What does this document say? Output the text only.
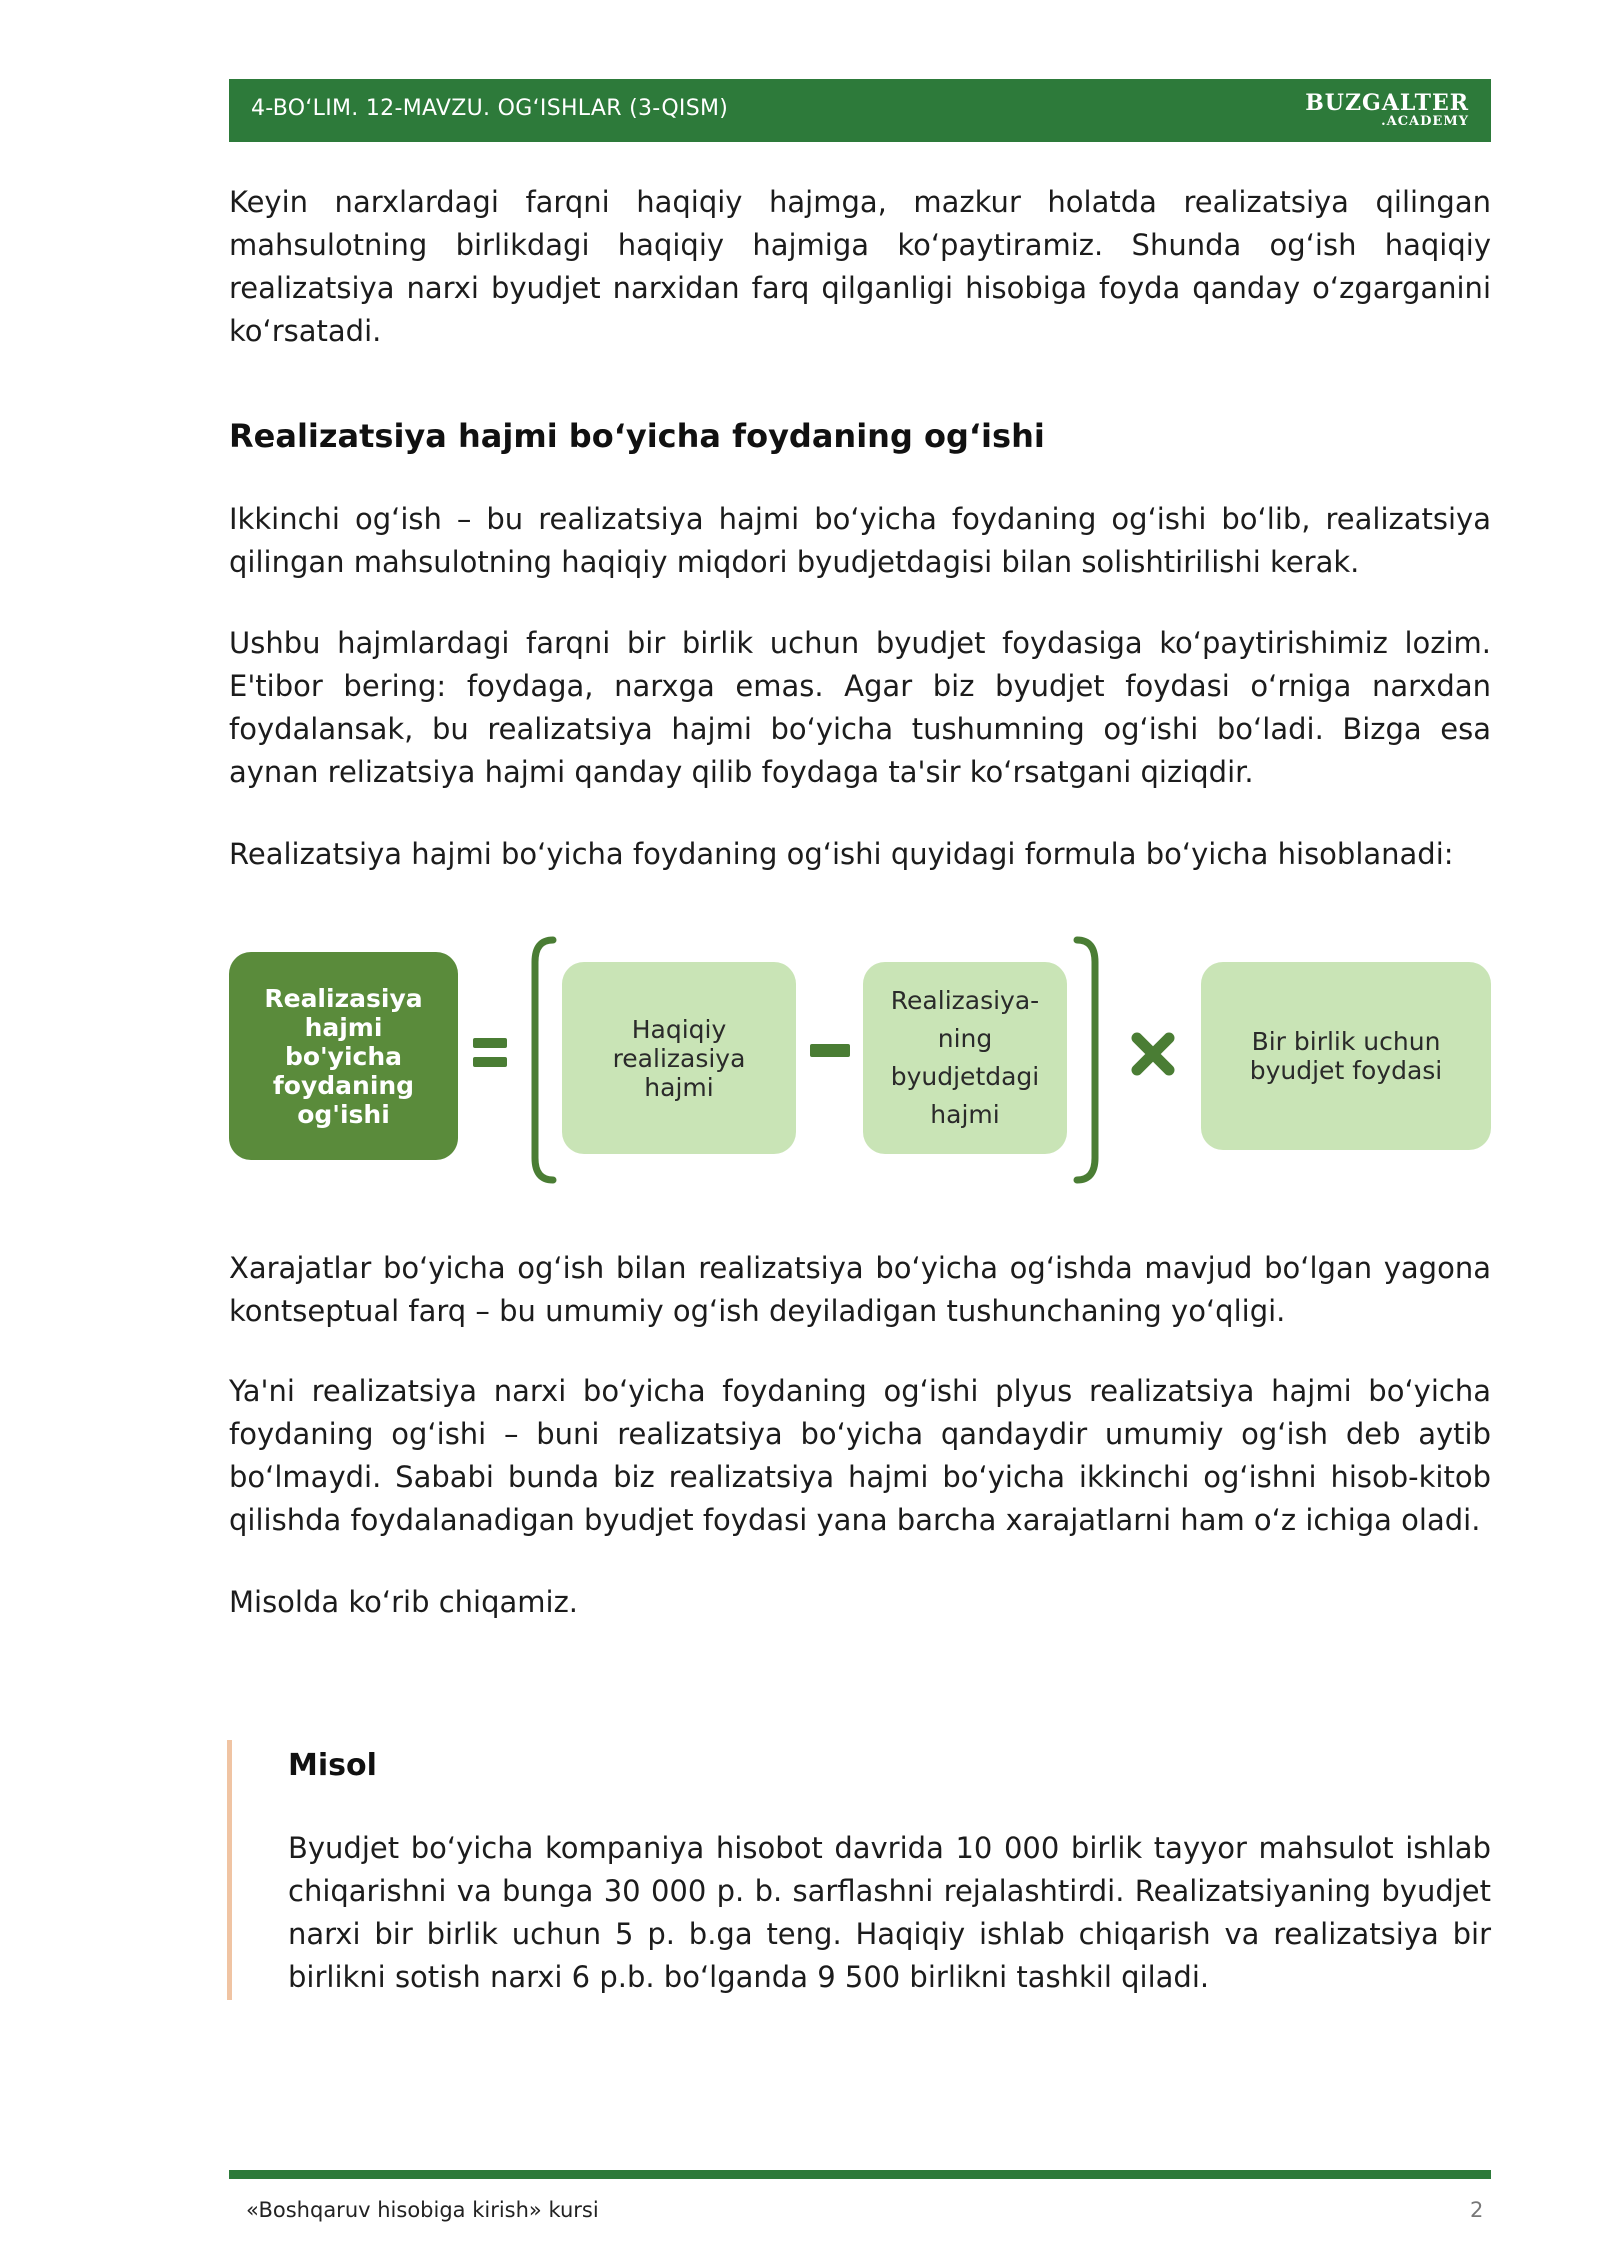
4-BO‘LIM. 12-MAVZU. OG‘ISHLAR (3-QISM)	BUZGALTER
.ACADEMY

Keyin narxlardagi farqni haqiqiy hajmga, mazkur holatda realizatsiya qilingan mahsulotning birlikdagi haqiqiy hajmiga ko‘paytiramiz. Shunda og‘ish haqiqiy realizatsiya narxi byudjet narxidan farq qilganligi hisobiga foyda qanday o‘zgarganini ko‘rsatadi.

Realizatsiya hajmi bo‘yicha foydaning og‘ishi

Ikkinchi og‘ish – bu realizatsiya hajmi bo‘yicha foydaning og‘ishi bo‘lib, realizatsiya qilingan mahsulotning haqiqiy miqdori byudjetdagisi bilan solishtirilishi kerak.

Ushbu hajmlardagi farqni bir birlik uchun byudjet foydasiga ko‘paytirishimiz lozim. E'tibor bering: foydaga, narxga emas. Agar biz byudjet foydasi o‘rniga narxdan foydalansak, bu realizatsiya hajmi bo‘yicha tushumning og‘ishi bo‘ladi. Bizga esa aynan relizatsiya hajmi qanday qilib foydaga ta'sir ko‘rsatgani qiziqdir.

Realizatsiya hajmi bo‘yicha foydaning og‘ishi quyidagi formula bo‘yicha hisoblanadi:

Realizasiya hajmi bo'yicha foydaning og'ishi
Haqiqiy realizasiya hajmi
Realizasiya-ning byudjetdagi hajmi
Bir birlik uchun byudjet foydasi

Xarajatlar bo‘yicha og‘ish bilan realizatsiya bo‘yicha og‘ishda mavjud bo‘lgan yagona kontseptual farq – bu umumiy og‘ish deyiladigan tushunchaning yo‘qligi.

Ya'ni realizatsiya narxi bo‘yicha foydaning og‘ishi plyus realizatsiya hajmi bo‘yicha foydaning og‘ishi – buni realizatsiya bo‘yicha qandaydir umumiy og‘ish deb aytib bo‘lmaydi. Sababi bunda biz realizatsiya hajmi bo‘yicha ikkinchi og‘ishni hisob-kitob qilishda foydalanadigan byudjet foydasi yana barcha xarajatlarni ham o‘z ichiga oladi.

Misolda ko‘rib chiqamiz.

Misol

Byudjet bo‘yicha kompaniya hisobot davrida 10 000 birlik tayyor mahsulot ishlab chiqarishni va bunga 30 000 p. b. sarflashni rejalashtirdi. Realizatsiyaning byudjet narxi bir birlik uchun 5 p. b.ga teng. Haqiqiy ishlab chiqarish va realizatsiya bir birlikni sotish narxi 6 p.b. bo‘lganda 9 500 birlikni tashkil qiladi.

«Boshqaruv hisobiga kirish» kursi	2
